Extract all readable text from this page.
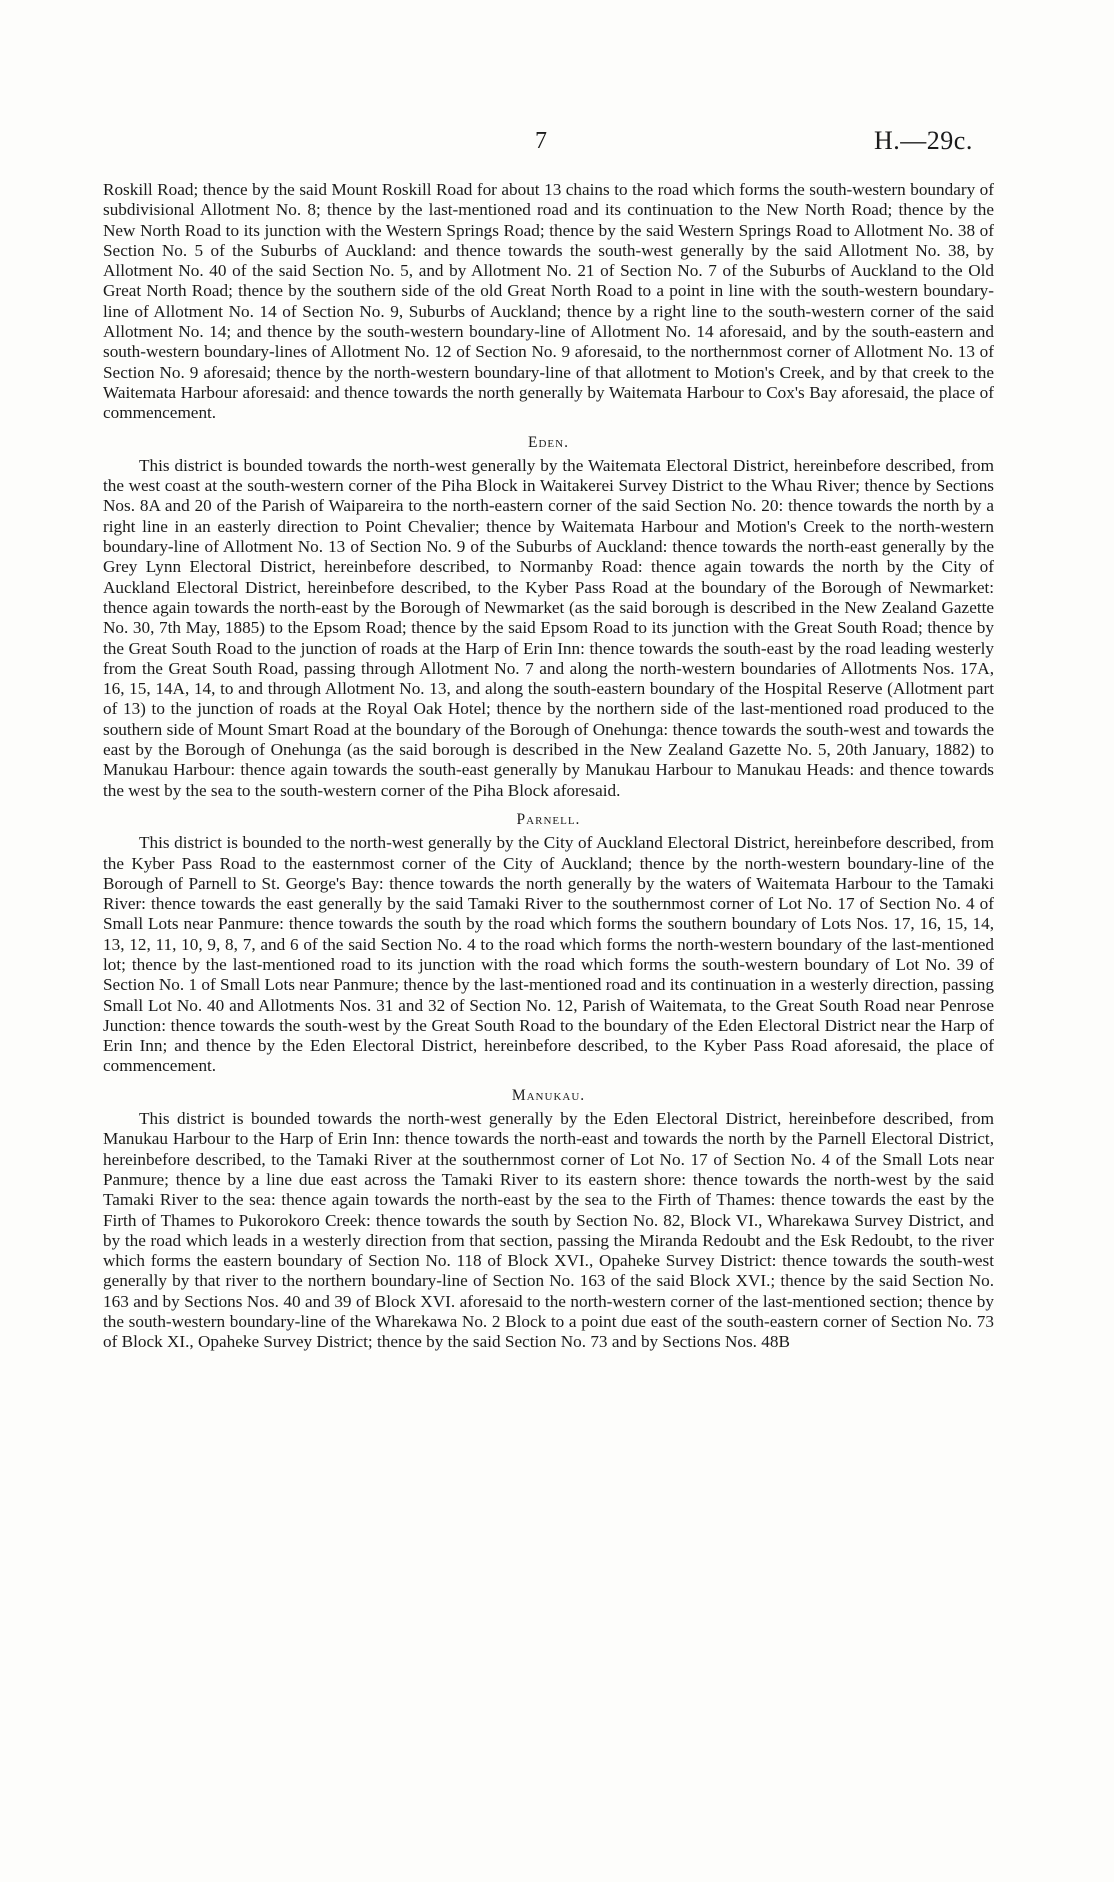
7	H.—29c.

Roskill Road; thence by the said Mount Roskill Road for about 13 chains to the road which forms the south-western boundary of subdivisional Allotment No. 8; thence by the last-mentioned road and its continuation to the New North Road; thence by the New North Road to its junction with the Western Springs Road; thence by the said Western Springs Road to Allotment No. 38 of Section No. 5 of the Suburbs of Auckland: and thence towards the south-west generally by the said Allotment No. 38, by Allotment No. 40 of the said Section No. 5, and by Allotment No. 21 of Section No. 7 of the Suburbs of Auckland to the Old Great North Road; thence by the southern side of the old Great North Road to a point in line with the south-western boundary-line of Allotment No. 14 of Section No. 9, Suburbs of Auckland; thence by a right line to the south-western corner of the said Allotment No. 14; and thence by the south-western boundary-line of Allotment No. 14 aforesaid, and by the south-eastern and south-western boundary-lines of Allotment No. 12 of Section No. 9 aforesaid, to the northernmost corner of Allotment No. 13 of Section No. 9 aforesaid; thence by the north-western boundary-line of that allotment to Motion's Creek, and by that creek to the Waitemata Harbour aforesaid: and thence towards the north generally by Waitemata Harbour to Cox's Bay aforesaid, the place of commencement.

Eden.

This district is bounded towards the north-west generally by the Waitemata Electoral District, hereinbefore described, from the west coast at the south-western corner of the Piha Block in Waitakerei Survey District to the Whau River; thence by Sections Nos. 8A and 20 of the Parish of Waipareira to the north-eastern corner of the said Section No. 20: thence towards the north by a right line in an easterly direction to Point Chevalier; thence by Waitemata Harbour and Motion's Creek to the north-western boundary-line of Allotment No. 13 of Section No. 9 of the Suburbs of Auckland: thence towards the north-east generally by the Grey Lynn Electoral District, hereinbefore described, to Normanby Road: thence again towards the north by the City of Auckland Electoral District, hereinbefore described, to the Kyber Pass Road at the boundary of the Borough of Newmarket: thence again towards the north-east by the Borough of Newmarket (as the said borough is described in the New Zealand Gazette No. 30, 7th May, 1885) to the Epsom Road; thence by the said Epsom Road to its junction with the Great South Road; thence by the Great South Road to the junction of roads at the Harp of Erin Inn: thence towards the south-east by the road leading westerly from the Great South Road, passing through Allotment No. 7 and along the north-western boundaries of Allotments Nos. 17A, 16, 15, 14A, 14, to and through Allotment No. 13, and along the south-eastern boundary of the Hospital Reserve (Allotment part of 13) to the junction of roads at the Royal Oak Hotel; thence by the northern side of the last-mentioned road produced to the southern side of Mount Smart Road at the boundary of the Borough of Onehunga: thence towards the south-west and towards the east by the Borough of Onehunga (as the said borough is described in the New Zealand Gazette No. 5, 20th January, 1882) to Manukau Harbour: thence again towards the south-east generally by Manukau Harbour to Manukau Heads: and thence towards the west by the sea to the south-western corner of the Piha Block aforesaid.

Parnell.

This district is bounded to the north-west generally by the City of Auckland Electoral District, hereinbefore described, from the Kyber Pass Road to the easternmost corner of the City of Auckland; thence by the north-western boundary-line of the Borough of Parnell to St. George's Bay: thence towards the north generally by the waters of Waitemata Harbour to the Tamaki River: thence towards the east generally by the said Tamaki River to the southernmost corner of Lot No. 17 of Section No. 4 of Small Lots near Panmure: thence towards the south by the road which forms the southern boundary of Lots Nos. 17, 16, 15, 14, 13, 12, 11, 10, 9, 8, 7, and 6 of the said Section No. 4 to the road which forms the north-western boundary of the last-mentioned lot; thence by the last-mentioned road to its junction with the road which forms the south-western boundary of Lot No. 39 of Section No. 1 of Small Lots near Panmure; thence by the last-mentioned road and its continuation in a westerly direction, passing Small Lot No. 40 and Allotments Nos. 31 and 32 of Section No. 12, Parish of Waitemata, to the Great South Road near Penrose Junction: thence towards the south-west by the Great South Road to the boundary of the Eden Electoral District near the Harp of Erin Inn; and thence by the Eden Electoral District, hereinbefore described, to the Kyber Pass Road aforesaid, the place of commencement.

Manukau.

This district is bounded towards the north-west generally by the Eden Electoral District, hereinbefore described, from Manukau Harbour to the Harp of Erin Inn: thence towards the north-east and towards the north by the Parnell Electoral District, hereinbefore described, to the Tamaki River at the southernmost corner of Lot No. 17 of Section No. 4 of the Small Lots near Panmure; thence by a line due east across the Tamaki River to its eastern shore: thence towards the north-west by the said Tamaki River to the sea: thence again towards the north-east by the sea to the Firth of Thames: thence towards the east by the Firth of Thames to Pukorokoro Creek: thence towards the south by Section No. 82, Block VI., Wharekawa Survey District, and by the road which leads in a westerly direction from that section, passing the Miranda Redoubt and the Esk Redoubt, to the river which forms the eastern boundary of Section No. 118 of Block XVI., Opaheke Survey District: thence towards the south-west generally by that river to the northern boundary-line of Section No. 163 of the said Block XVI.; thence by the said Section No. 163 and by Sections Nos. 40 and 39 of Block XVI. aforesaid to the north-western corner of the last-mentioned section; thence by the south-western boundary-line of the Wharekawa No. 2 Block to a point due east of the south-eastern corner of Section No. 73 of Block XI., Opaheke Survey District; thence by the said Section No. 73 and by Sections Nos. 48B
